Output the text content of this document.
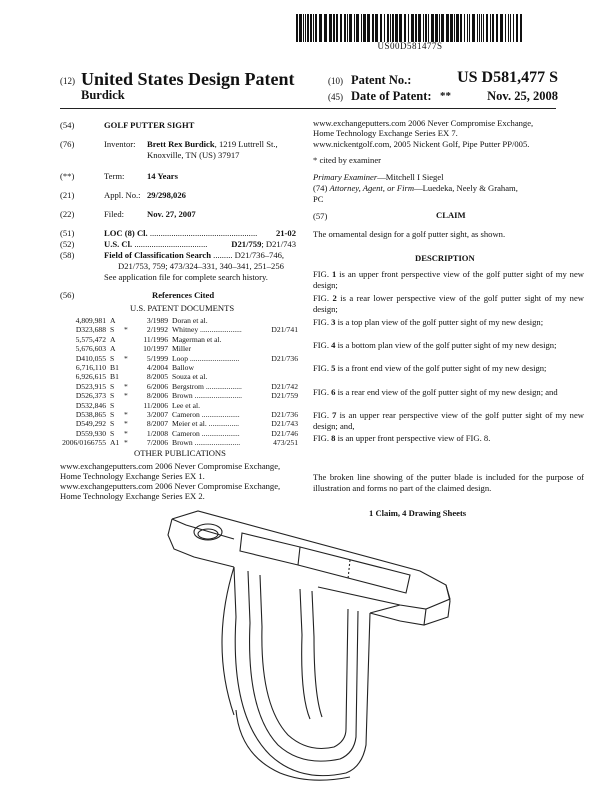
US00D581477S
(12) United States Design Patent
Burdick
(10) Patent No.:	US D581,477 S
(45) Date of Patent: **	Nov. 25, 2008
(54)	GOLF PUTTER SIGHT
(76)	Inventor: Brett Rex Burdick, 1219 Luttrell St.,
Knoxville, TN (US) 37917
(**)	Term:	14 Years
(21)	Appl. No.: 29/298,026
(22)	Filed:	Nov. 27, 2007
(51)	LOC (8) Cl. .................................................. 21-02
(52)	U.S. Cl. ..................................	D21/759; D21/743
(58)	Field of Classification Search ......... D21/736–746,
D21/753, 759; 473/324–331, 340–341, 251–256
See application file for complete search history.
(56)	References Cited
U.S. PATENT DOCUMENTS
4,809,981 A	3/1989 Doran et al.
D323,688 S *	2/1992 Whitney ......................	D21/741
5,575,472 A	11/1996 Magerman et al.
5,676,603 A	10/1997 Miller
D410,055 S *	5/1999 Loop ..........................	D21/736
6,716,110 B1	4/2004 Ballow
6,926,615 B1	8/2005 Souza et al.
D523,915 S *	6/2006 Bergstrom ...................	D21/742
D526,373 S *	8/2006 Brown .........................	D21/759
D532,846 S	11/2006 Lee et al.
D538,865 S *	3/2007 Cameron ....................	D21/736
D549,292 S *	8/2007 Meier et al. ................	D21/743
D559,930 S *	1/2008 Cameron ....................	D21/746
2006/0166755 A1 *	7/2006 Brown ........................	473/251
OTHER PUBLICATIONS
www.exchangeputters.com 2006 Never Compromise Exchange,
Home Technology Exchange Series EX 1.
www.exchangeputters.com 2006 Never Compromise Exchange,
Home Technology Exchange Series EX 2.
www.exchangeputters.com 2006 Never Compromise Exchange,
Home Technology Exchange Series EX 7.
www.nickentgolf.com, 2005 Nickent Golf, Pipe Putter PP/005.
* cited by examiner
Primary Examiner—Mitchell I Siegel
(74) Attorney, Agent, or Firm—Luedeka, Neely & Graham,
PC
(57)	CLAIM
The ornamental design for a golf putter sight, as shown.
DESCRIPTION
FIG. 1 is an upper front perspective view of the golf putter sight of my new design;
FIG. 2 is a rear lower perspective view of the golf putter sight of my new design;
FIG. 3 is a top plan view of the golf putter sight of my new design;
FIG. 4 is a bottom plan view of the golf putter sight of my new design;
FIG. 5 is a front end view of the golf putter sight of my new design;
FIG. 6 is a rear end view of the golf putter sight of my new design; and
FIG. 7 is an upper rear perspective view of the golf putter sight of my new design; and,
FIG. 8 is an upper front perspective view of FIG. 8.
The broken line showing of the putter blade is included for the purpose of illustration and forms no part of the claimed design.
1 Claim, 4 Drawing Sheets
